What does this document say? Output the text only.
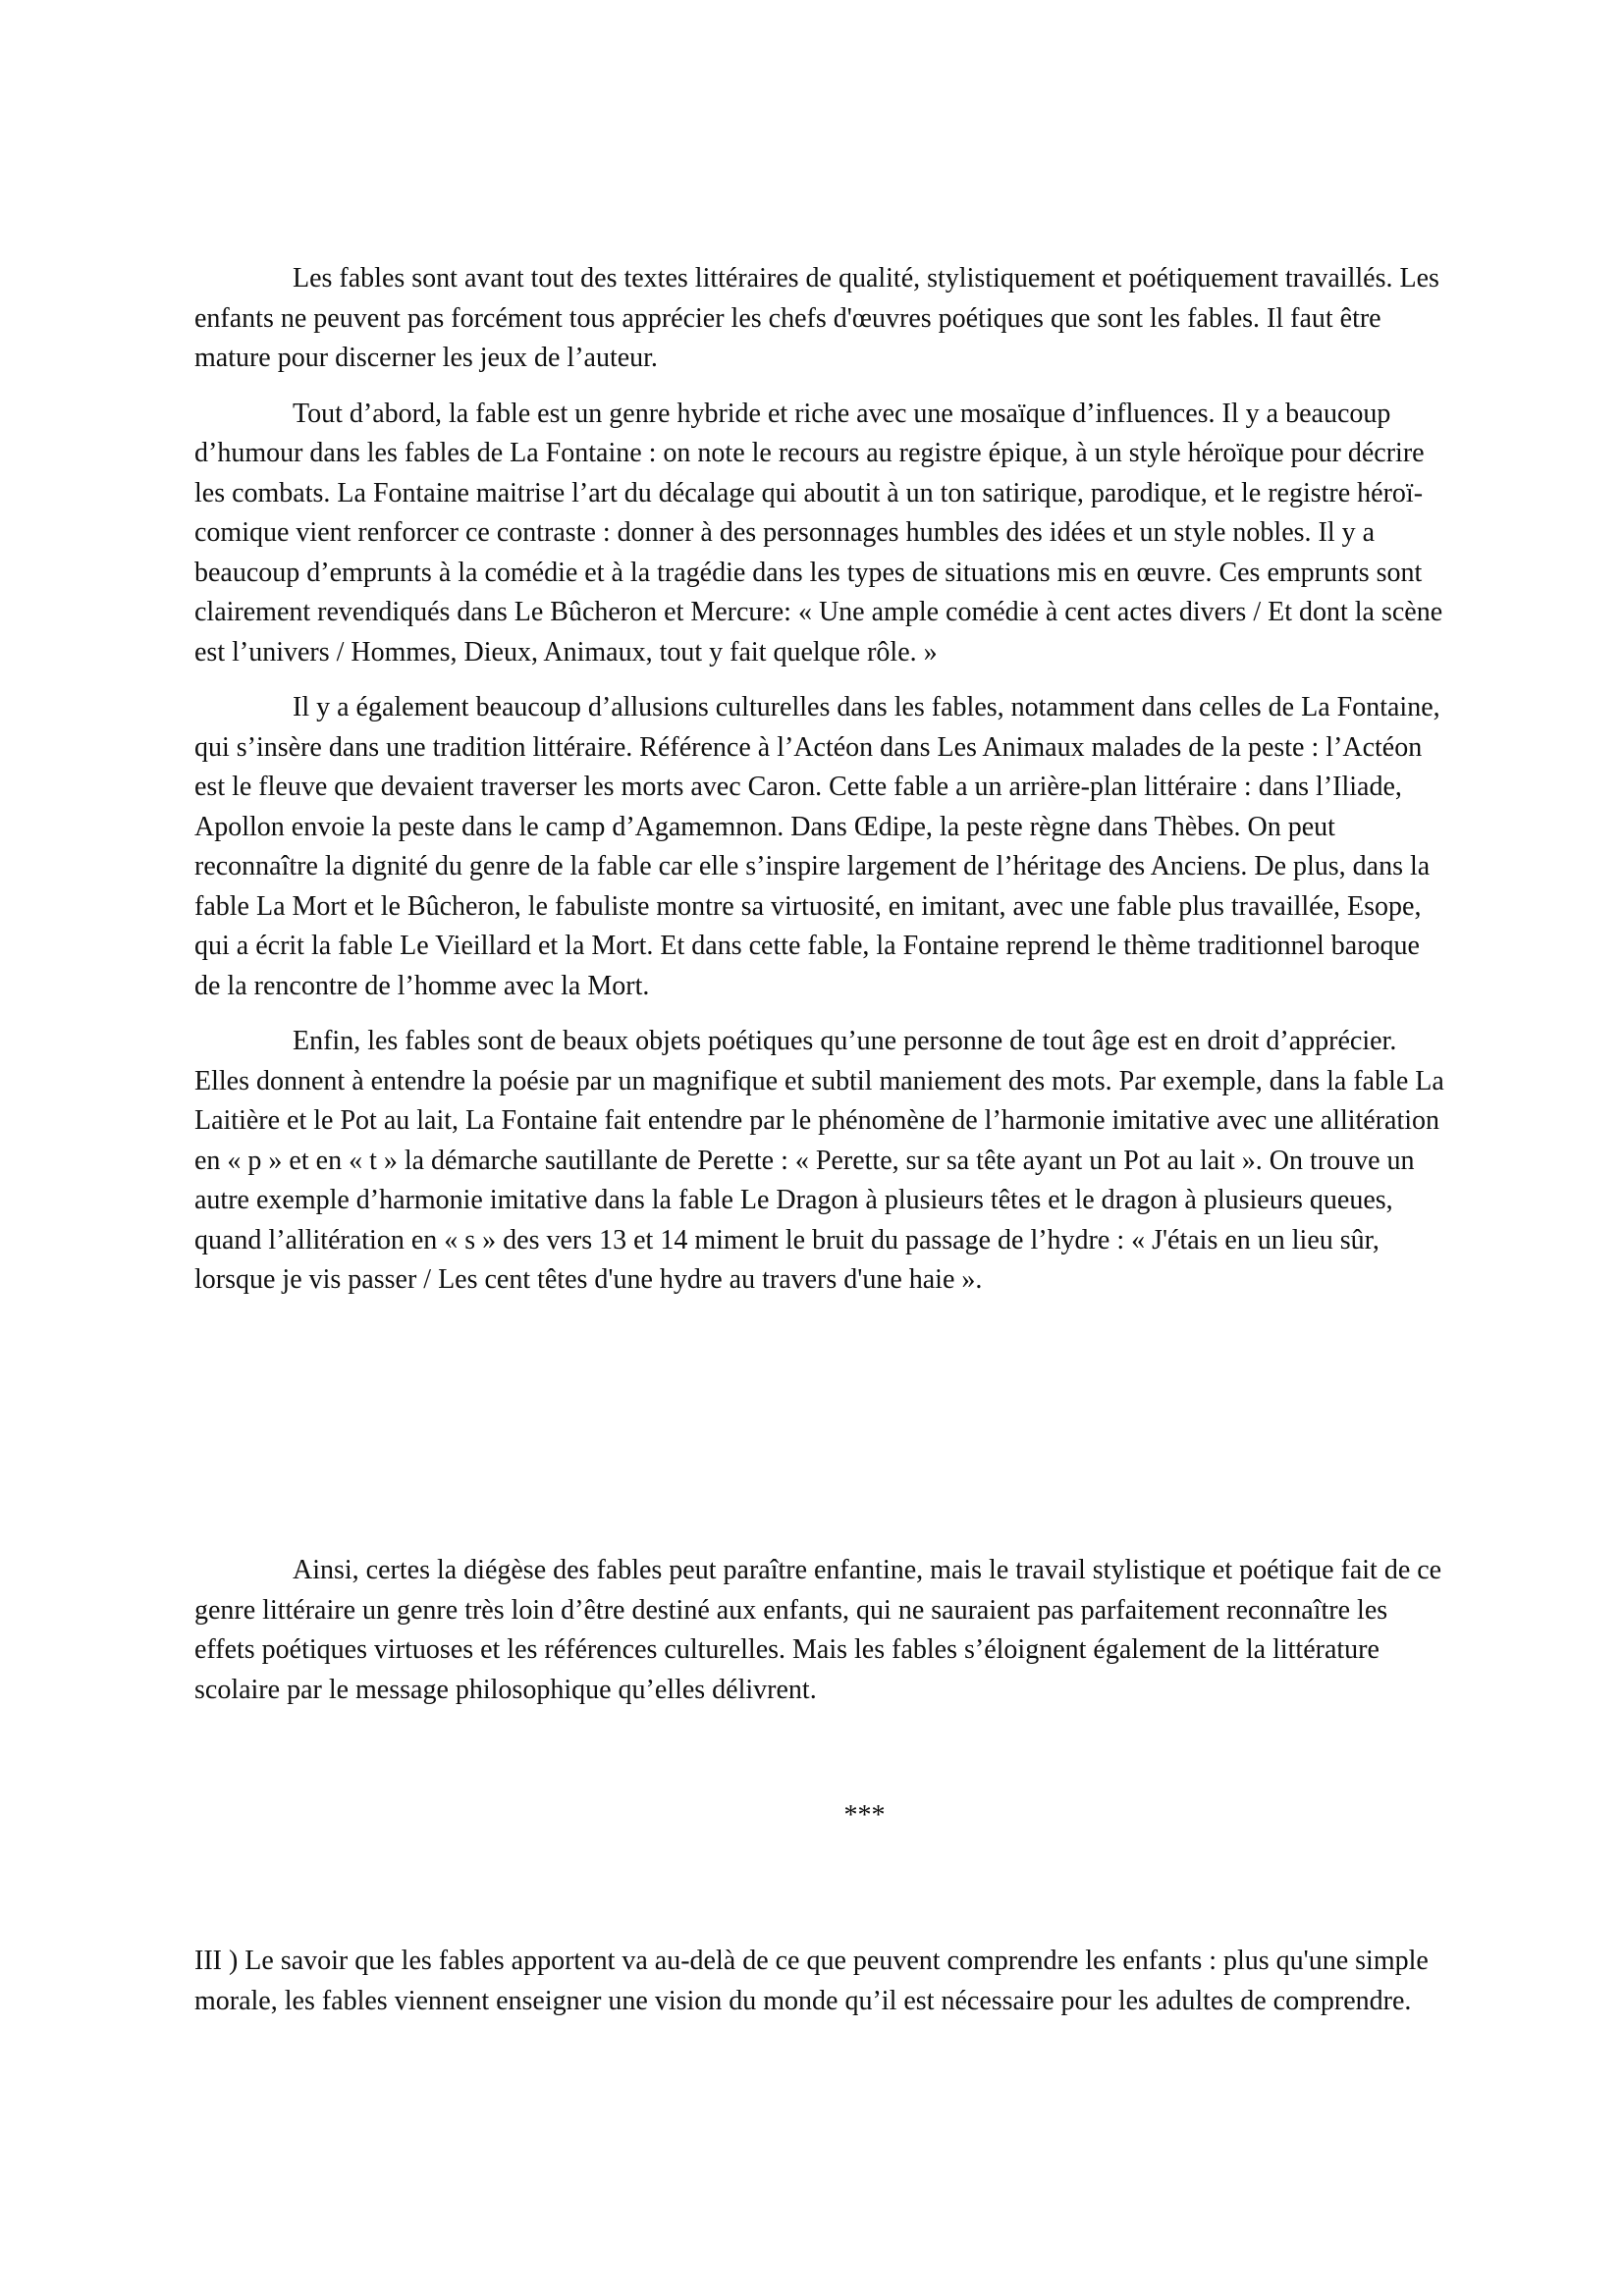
Les fables sont avant tout des textes littéraires de qualité, stylistiquement et poétiquement travaillés. Les enfants ne peuvent pas forcément tous apprécier les chefs d'œuvres poétiques que sont les fables. Il faut être mature pour discerner les jeux de l’auteur.

Tout d’abord, la fable est un genre hybride et riche avec une mosaïque d’influences. Il y a beaucoup d’humour dans les fables de La Fontaine : on note le recours au registre épique, à un style héroïque pour décrire les combats. La Fontaine maitrise l’art du décalage qui aboutit à un ton satirique, parodique, et le registre héroï-comique vient renforcer ce contraste : donner à des personnages humbles des idées et un style nobles. Il y a beaucoup d’emprunts à la comédie et à la tragédie dans les types de situations mis en œuvre. Ces emprunts sont clairement revendiqués dans Le Bûcheron et Mercure: « Une ample comédie à cent actes divers / Et dont la scène est l’univers / Hommes, Dieux, Animaux, tout y fait quelque rôle. »

Il y a également beaucoup d’allusions culturelles dans les fables, notamment dans celles de La Fontaine, qui s’insère dans une tradition littéraire. Référence à l’Actéon dans Les Animaux malades de la peste : l’Actéon est le fleuve que devaient traverser les morts avec Caron. Cette fable a un arrière-plan littéraire : dans l’Iliade, Apollon envoie la peste dans le camp d’Agamemnon. Dans Œdipe, la peste règne dans Thèbes. On peut reconnaître la dignité du genre de la fable car elle s’inspire largement de l’héritage des Anciens. De plus, dans la fable La Mort et le Bûcheron, le fabuliste montre sa virtuosité, en imitant, avec une fable plus travaillée, Esope, qui a écrit la fable Le Vieillard et la Mort. Et dans cette fable, la Fontaine reprend le thème traditionnel baroque de la rencontre de l’homme avec la Mort.

Enfin, les fables sont de beaux objets poétiques qu’une personne de tout âge est en droit d’apprécier. Elles donnent à entendre la poésie par un magnifique et subtil maniement des mots. Par exemple, dans la fable La Laitière et le Pot au lait, La Fontaine fait entendre par le phénomène de l’harmonie imitative avec une allitération en « p » et en « t » la démarche sautillante de Perette : « Perette, sur sa tête ayant un Pot au lait ». On trouve un autre exemple d’harmonie imitative dans la fable Le Dragon à plusieurs têtes et le dragon à plusieurs queues, quand l’allitération en « s » des vers 13 et 14 miment le bruit du passage de l’hydre : « J'étais en un lieu sûr, lorsque je vis passer / Les cent têtes d'une hydre au travers d'une haie ».

Ainsi, certes la diégèse des fables peut paraître enfantine, mais le travail stylistique et poétique fait de ce genre littéraire un genre très loin d’être destiné aux enfants, qui ne sauraient pas parfaitement reconnaître les effets poétiques virtuoses et les références culturelles. Mais les fables s’éloignent également de la littérature scolaire par le message philosophique qu’elles délivrent.

***

III ) Le savoir que les fables apportent va au-delà de ce que peuvent comprendre les enfants : plus qu'une simple morale, les fables viennent enseigner une vision du monde qu’il est nécessaire pour les adultes de comprendre.
